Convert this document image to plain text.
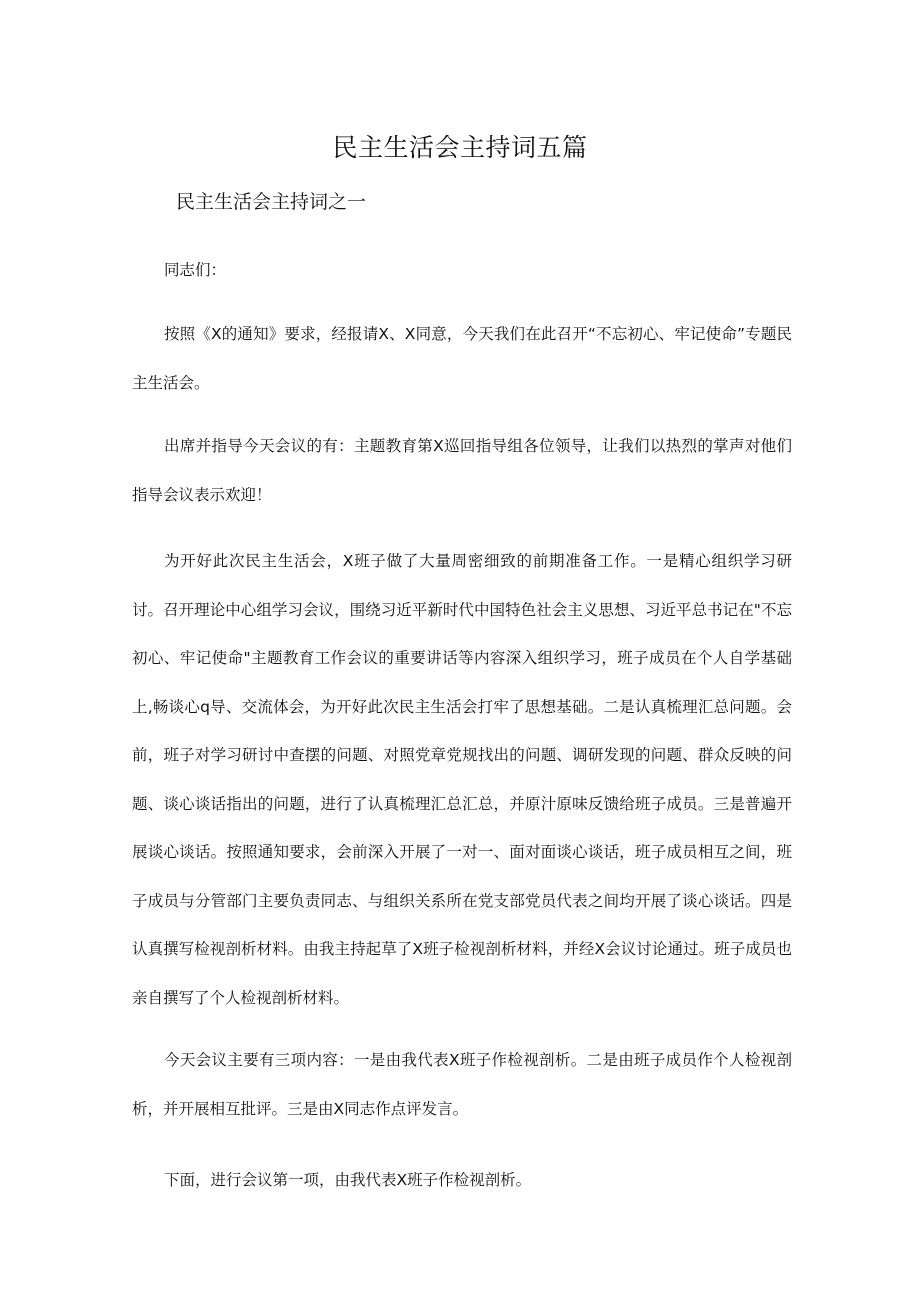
民主生活会主持词五篇
民主生活会主持词之一

同志们：

按照《X的通知》要求，经报请X、X同意，今天我们在此召开“不忘初心、牢记使命”专题民主生活会。

出席并指导今天会议的有：主题教育第X巡回指导组各位领导，让我们以热烈的掌声对他们指导会议表示欢迎！

为开好此次民主生活会，X班子做了大量周密细致的前期准备工作。一是精心组织学习研讨。召开理论中心组学习会议，围绕习近平新时代中国特色社会主义思想、习近平总书记在"不忘初心、牢记使命"主题教育工作会议的重要讲话等内容深入组织学习，班子成员在个人自学基础上,畅谈心q导、交流体会，为开好此次民主生活会打牢了思想基础。二是认真梳理汇总问题。会前，班子对学习研讨中查摆的问题、对照党章党规找出的问题、调研发现的问题、群众反映的问题、谈心谈话指出的问题，进行了认真梳理汇总汇总，并原汁原味反馈给班子成员。三是普遍开展谈心谈话。按照通知要求，会前深入开展了一对一、面对面谈心谈话，班子成员相互之间，班子成员与分管部门主要负责同志、与组织关系所在党支部党员代表之间均开展了谈心谈话。四是认真撰写检视剖析材料。由我主持起草了X班子检视剖析材料，并经X会议讨论通过。班子成员也亲自撰写了个人检视剖析材料。

今天会议主要有三项内容：一是由我代表X班子作检视剖析。二是由班子成员作个人检视剖析，并开展相互批评。三是由X同志作点评发言。

下面，进行会议第一项，由我代表X班子作检视剖析。
